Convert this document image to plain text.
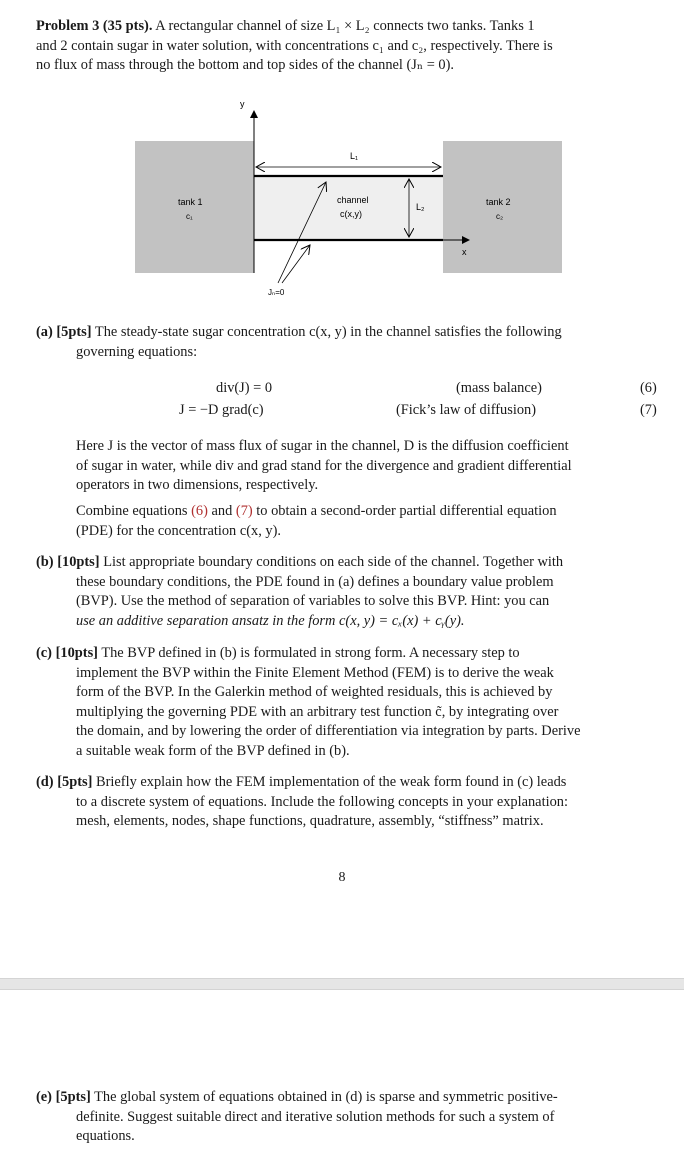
Problem 3 (35 pts). A rectangular channel of size L₁ × L₂ connects two tanks. Tanks 1
and 2 contain sugar in water solution, with concentrations c₁ and c₂, respectively. There is
no flux of mass through the bottom and top sides of the channel (Jₙ = 0).
y
x
L₁
L₂
tank 1
c₁
tank 2
c₂
channel
c(x,y)
Jₙ=0
(a) [5pts] The steady-state sugar concentration c(x, y) in the channel satisfies the following
governing equations:
div(J) = 0	(mass balance)	(6)
J = −D grad(c)	(Fick’s law of diffusion)	(7)
Here J is the vector of mass flux of sugar in the channel, D is the diffusion coefficient
of sugar in water, while div and grad stand for the divergence and gradient differential
operators in two dimensions, respectively.
Combine equations (6) and (7) to obtain a second-order partial differential equation
(PDE) for the concentration c(x, y).
(b) [10pts] List appropriate boundary conditions on each side of the channel. Together with
these boundary conditions, the PDE found in (a) defines a boundary value problem
(BVP). Use the method of separation of variables to solve this BVP. Hint: you can
use an additive separation ansatz in the form c(x, y) = cₓ(x) + cᵧ(y).
(c) [10pts] The BVP defined in (b) is formulated in strong form. A necessary step to
implement the BVP within the Finite Element Method (FEM) is to derive the weak
form of the BVP. In the Galerkin method of weighted residuals, this is achieved by
multiplying the governing PDE with an arbitrary test function c̃, by integrating over
the domain, and by lowering the order of differentiation via integration by parts. Derive
a suitable weak form of the BVP defined in (b).
(d) [5pts] Briefly explain how the FEM implementation of the weak form found in (c) leads
to a discrete system of equations. Include the following concepts in your explanation:
mesh, elements, nodes, shape functions, quadrature, assembly, “stiffness” matrix.
8
(e) [5pts] The global system of equations obtained in (d) is sparse and symmetric positive-
definite. Suggest suitable direct and iterative solution methods for such a system of
equations.
